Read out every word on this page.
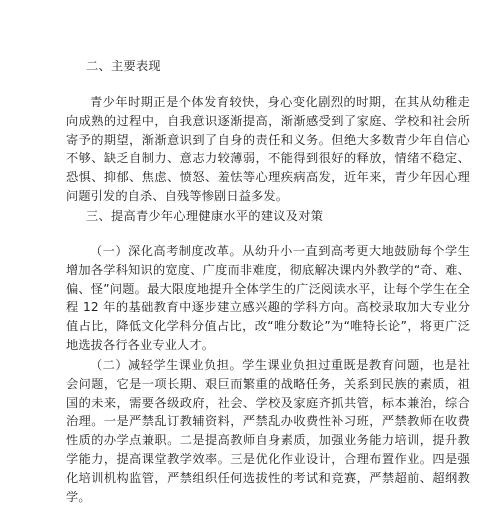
二、主要表现

青少年时期正是个体发育较快，身心变化剧烈的时期，在其从幼稚走向成熟的过程中，自我意识逐渐提高，渐渐感受到了家庭、学校和社会所寄予的期望，渐渐意识到了自身的责任和义务。但绝大多数青少年自信心不够、缺乏自制力、意志力较薄弱，不能得到很好的释放，情绪不稳定、恐惧、抑郁、焦虑、愤怒、羞怯等心理疾病高发，近年来，青少年因心理问题引发的自杀、自残等惨剧日益多发。

三、提高青少年心理健康水平的建议及对策

（一）深化高考制度改革。从幼升小一直到高考更大地鼓励每个学生增加各学科知识的宽度、广度而非难度，彻底解决课内外教学的“奇、难、偏、怪”问题。最大限度地提升全体学生的广泛阅读水平，让每个学生在全程 12 年的基础教育中逐步建立感兴趣的学科方向。高校录取加大专业分值占比，降低文化学科分值占比，改“唯分数论”为“唯特长论”，将更广泛地选拔各行各业专业人才。

（二）减轻学生课业负担。学生课业负担过重既是教育问题，也是社会问题，它是一项长期、艰巨而繁重的战略任务，关系到民族的素质，祖国的未来，需要各级政府，社会、学校及家庭齐抓共管，标本兼治，综合治理。一是严禁乱订教辅资料，严禁乱办收费性补习班，严禁教师在收费性质的办学点兼职。二是提高教师自身素质，加强业务能力培训，提升教学能力，提高课堂教学效率。三是优化作业设计，合理布置作业。四是强化培训机构监管，严禁组织任何选拔性的考试和竞赛，严禁超前、超纲教学。
